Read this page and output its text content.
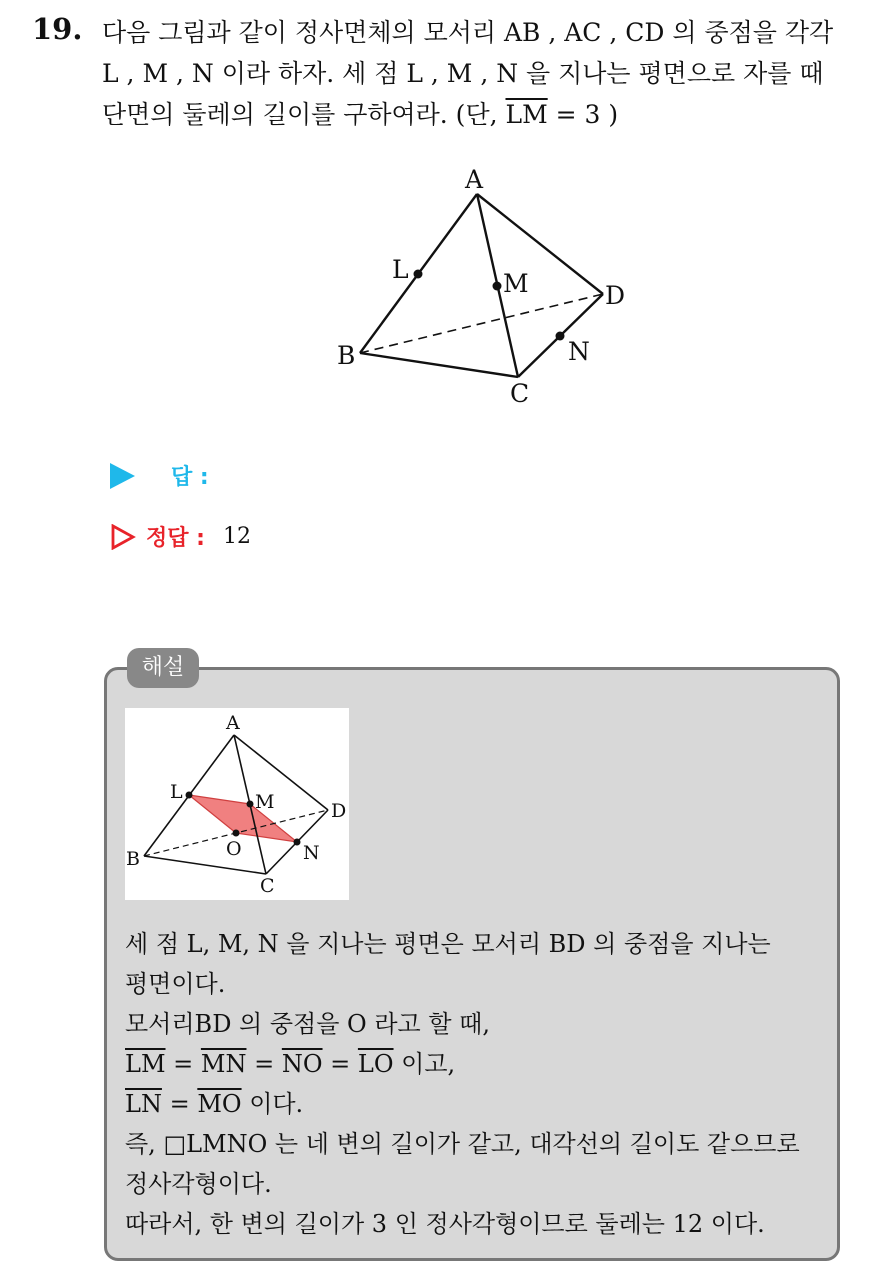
19. 다음 그림과 같이 정사면체의 모서리 AB , AC , CD 의 중점을 각각
L , M , N 이라 하자. 세 점 L , M , N 을 지나는 평면으로 자를 때
단면의 둘레의 길이를 구하여라. (단, $\overline{LM} = 3$ )
A
B
C
D
L	M
N
답 :
정답 : 12
해설
A
B
C
D
L	M
N
O
세 점 L, M, N 을 지나는 평면은 모서리 BD 의 중점을 지나는
평면이다.
모서리BD 의 중점을 O 라고 할 때,
$\overline{LM} = \overline{MN} = \overline{NO} = \overline{LO}$ 이고,
$\overline{LN} = \overline{MO}$ 이다.
즉, □LMNO 는 네 변의 길이가 같고, 대각선의 길이도 같으므로
정사각형이다.
따라서, 한 변의 길이가 3 인 정사각형이므로 둘레는 12 이다.
